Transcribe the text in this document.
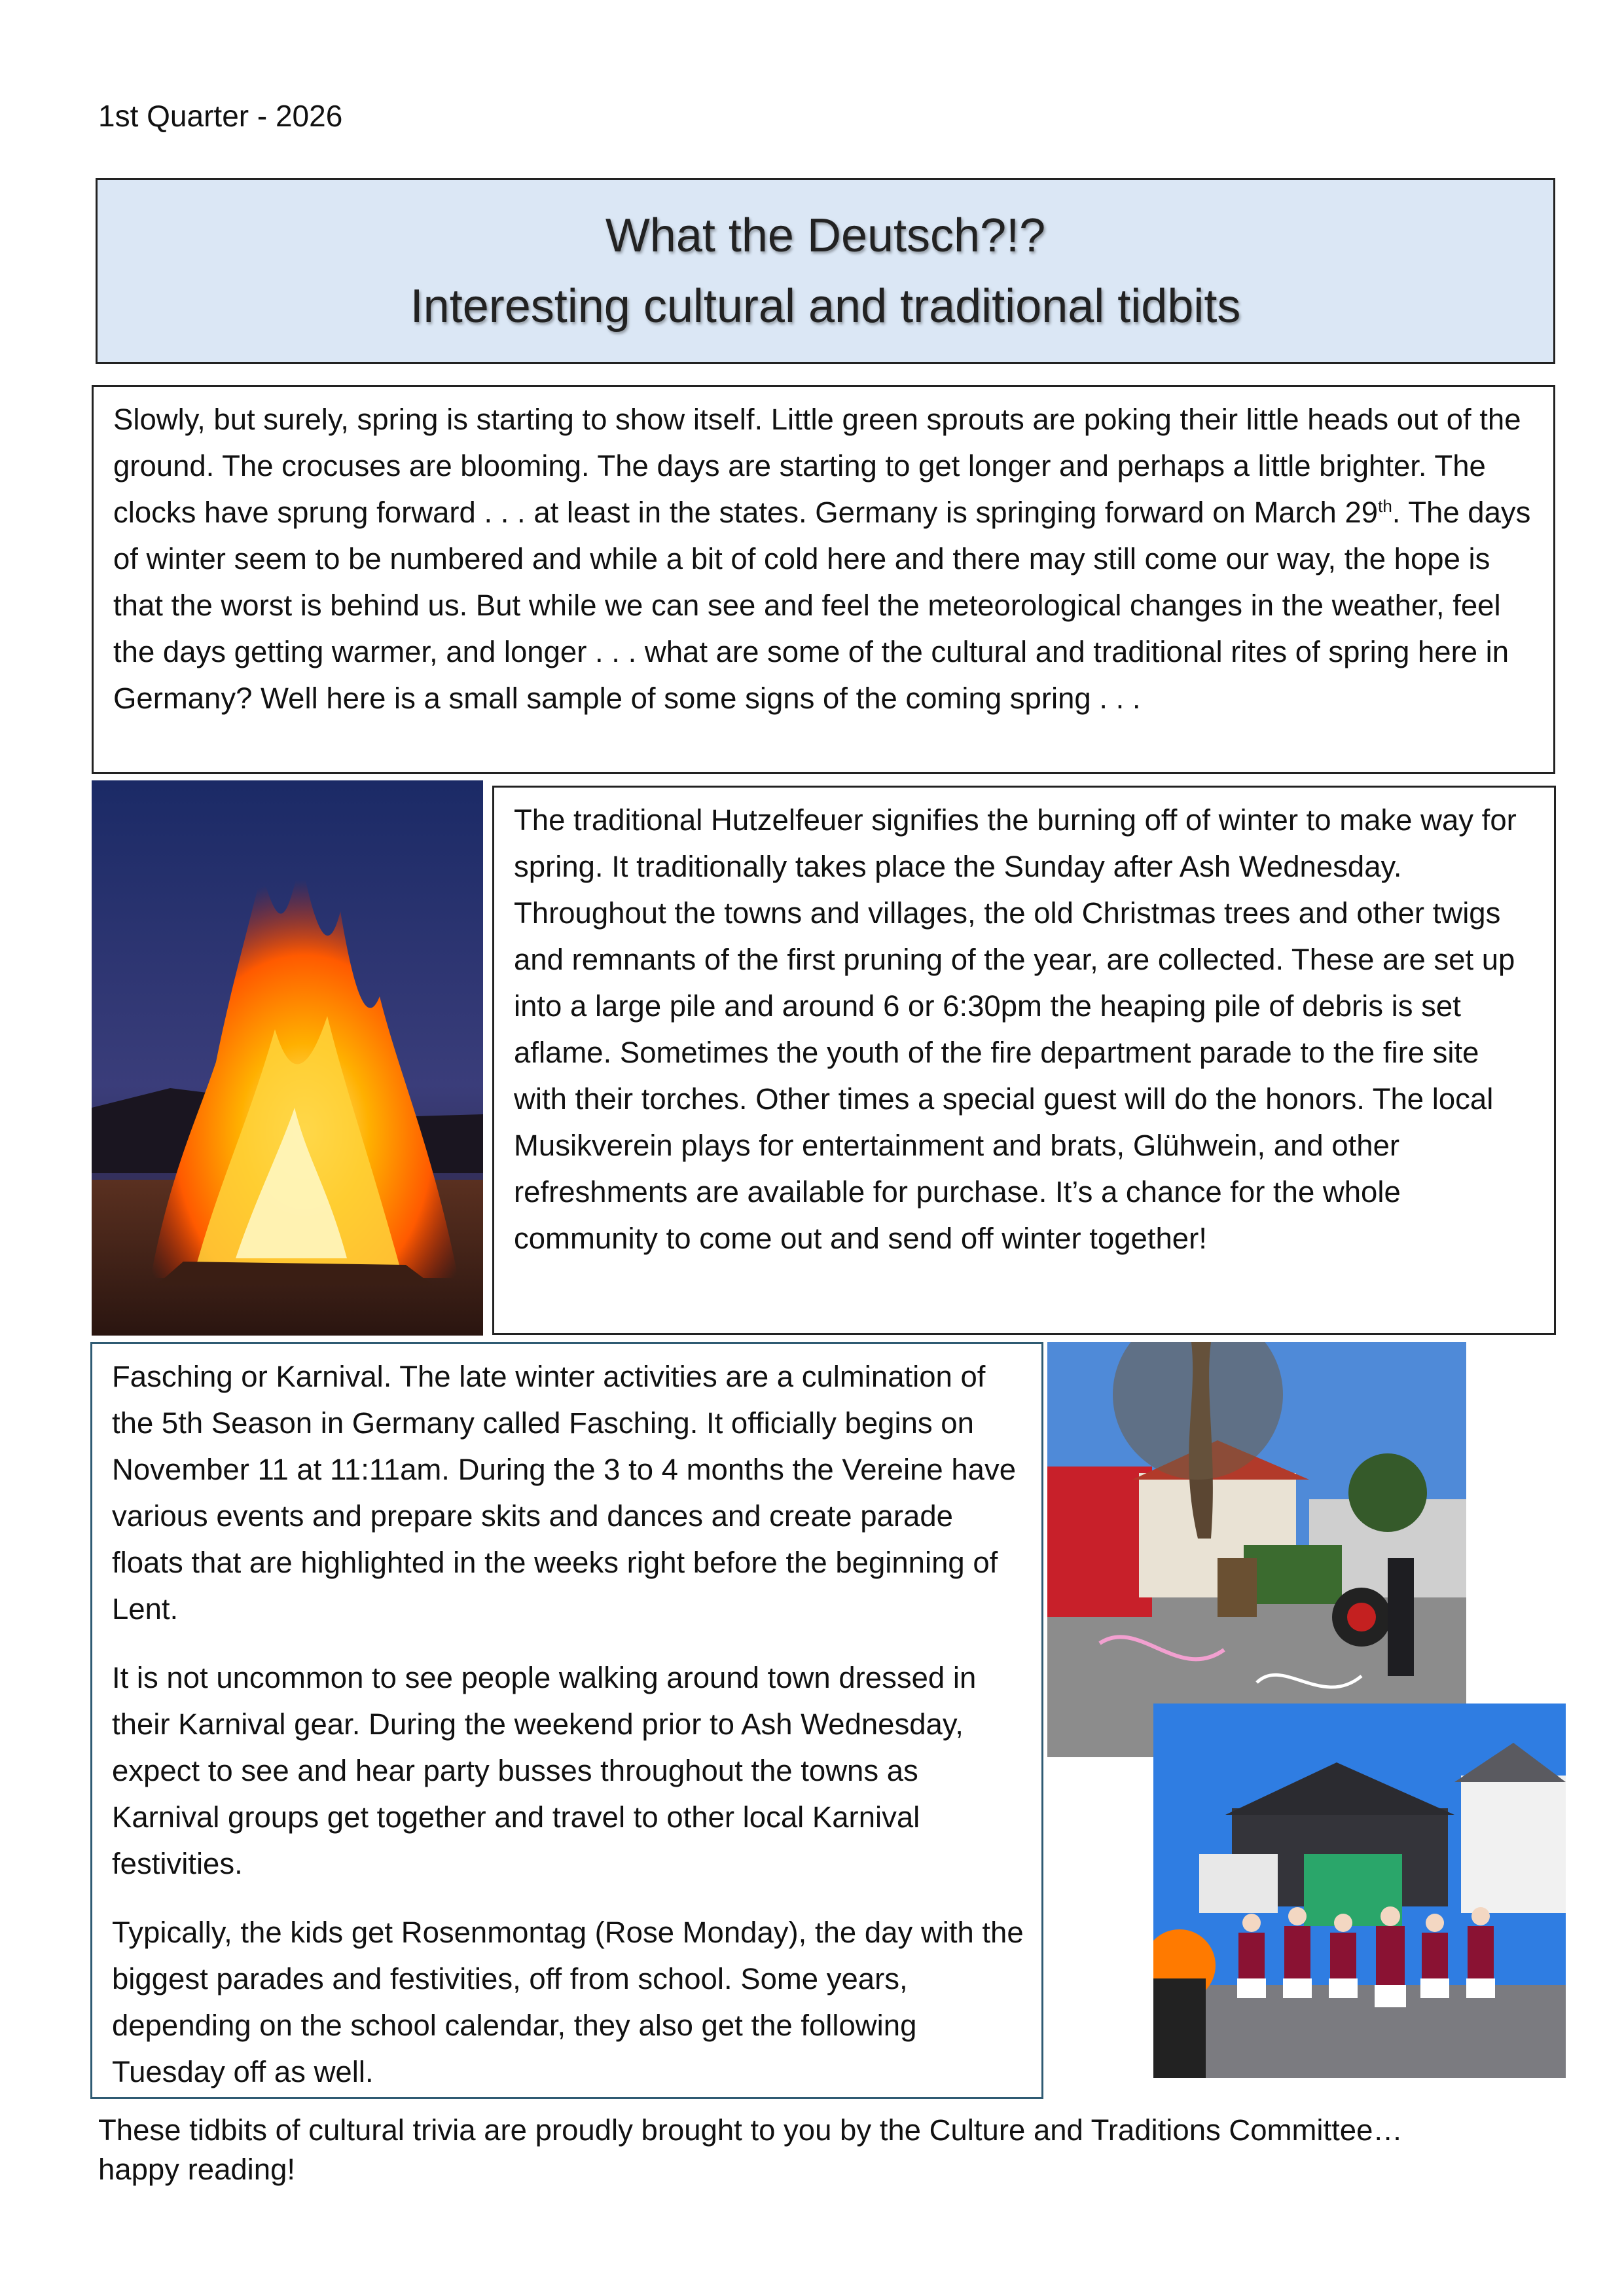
1st Quarter - 2026
What the Deutsch?!?
Interesting cultural and traditional tidbits
Slowly, but surely, spring is starting to show itself. Little green sprouts are poking their little heads out of the ground. The crocuses are blooming. The days are starting to get longer and perhaps a little brighter. The clocks have sprung forward . . . at least in the states. Germany is springing forward on March 29th. The days of winter seem to be numbered and while a bit of cold here and there may still come our way, the hope is that the worst is behind us. But while we can see and feel the meteorological changes in the weather, feel the days getting warmer, and longer . . . what are some of the cultural and traditional rites of spring here in Germany? Well here is a small sample of some signs of the coming spring . . .
The traditional Hutzelfeuer signifies the burning off of winter to make way for spring. It traditionally takes place the Sunday after Ash Wednesday. Throughout the towns and villages, the old Christmas trees and other twigs and remnants of the first pruning of the year, are collected. These are set up into a large pile and around 6 or 6:30pm the heaping pile of debris is set aflame. Sometimes the youth of the fire department parade to the fire site with their torches. Other times a special guest will do the honors. The local Musikverein plays for entertainment and brats, Glühwein, and other refreshments are available for purchase. It’s a chance for the whole community to come out and send off winter together!

Fasching or Karnival. The late winter activities are a culmination of the 5th Season in Germany called Fasching. It officially begins on November 11 at 11:11am. During the 3 to 4 months the Vereine have various events and prepare skits and dances and create parade floats that are highlighted in the weeks right before the beginning of Lent.

It is not uncommon to see people walking around town dressed in their Karnival gear. During the weekend prior to Ash Wednesday, expect to see and hear party busses throughout the towns as Karnival groups get together and travel to other local Karnival festivities.

Typically, the kids get Rosenmontag (Rose Monday), the day with the biggest parades and festivities, off from school. Some years, depending on the school calendar, they also get the following Tuesday off as well.

These tidbits of cultural trivia are proudly brought to you by the Culture and Traditions Committee…happy reading!
